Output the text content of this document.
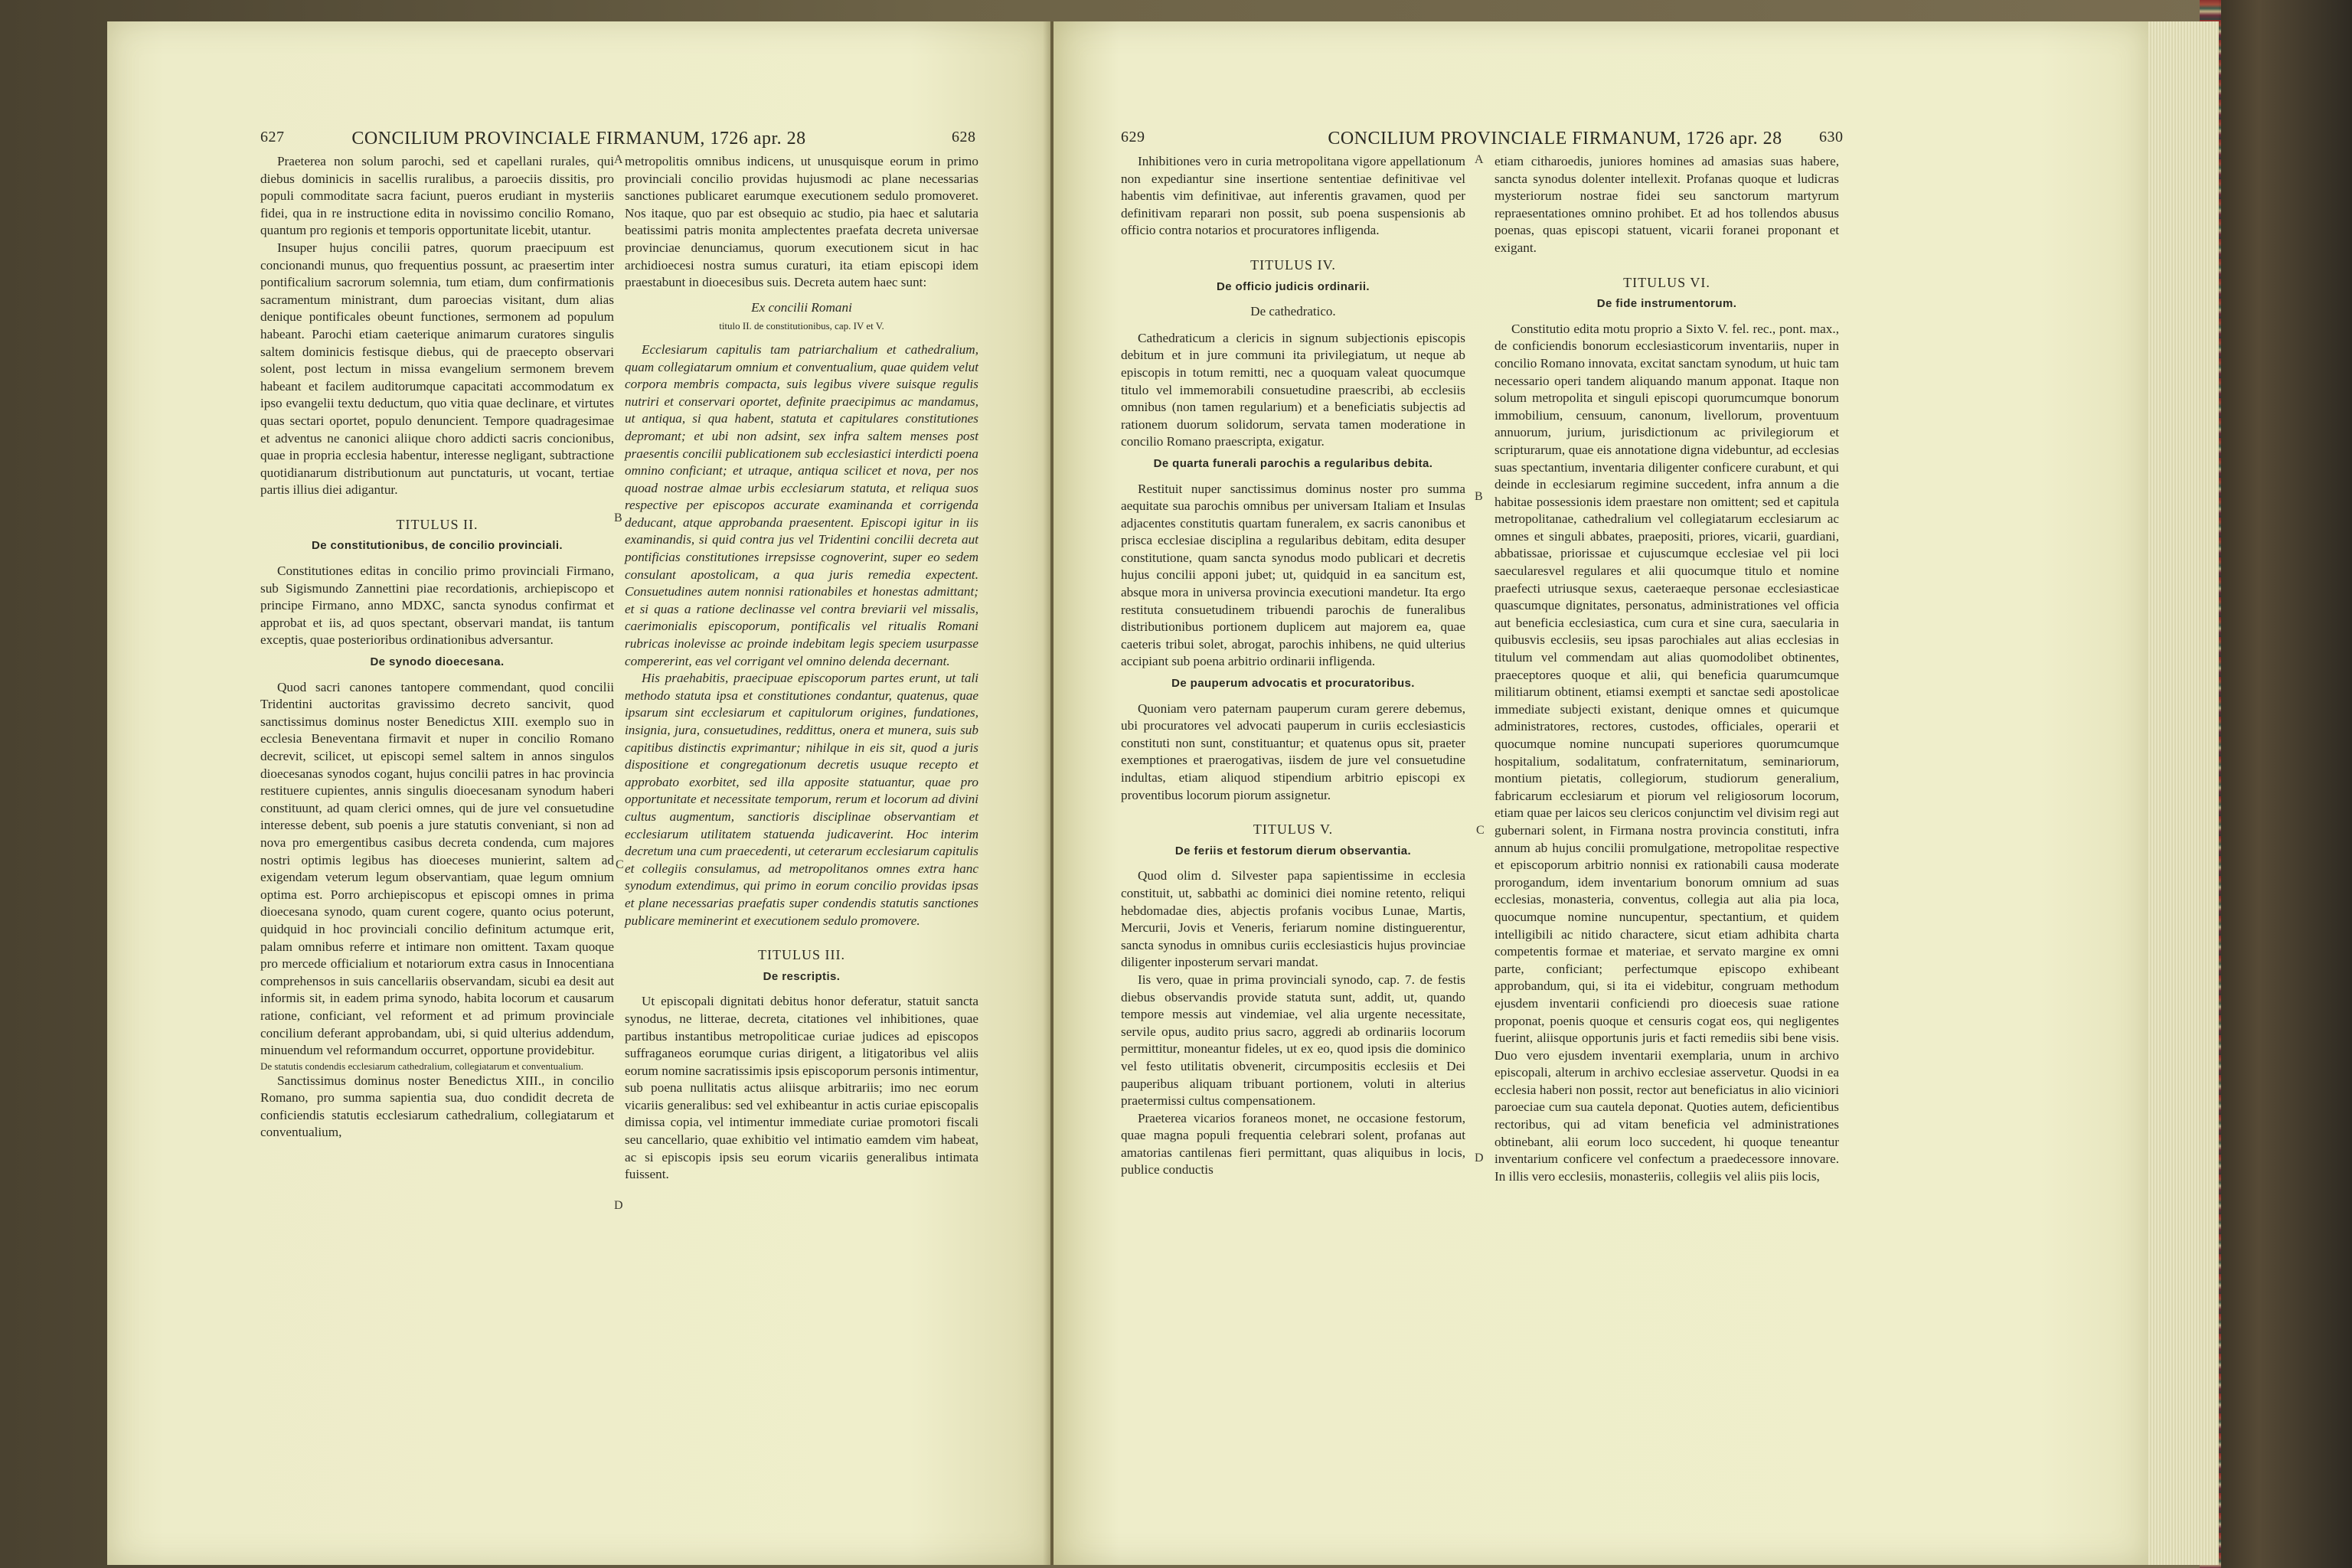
627	CONCILIUM PROVINCIALE FIRMANUM, 1726 apr. 28	628

Praeterea non solum parochi, sed et capellani rurales, qui diebus dominicis in sacellis ruralibus, a paroeciis dissitis, pro populi commoditate sacra faciunt, pueros erudiant in mysteriis fidei, qua in re instructione edita in novissimo concilio Romano, quantum pro regionis et temporis opportunitate licebit, utantur.

Insuper hujus concilii patres, quorum praecipuum est concionandi munus, quo frequentius possunt, ac praesertim inter pontificalium sacrorum solemnia, tum etiam, dum confirmationis sacramentum ministrant, dum paroecias visitant, dum alias denique pontificales obeunt functiones, sermonem ad populum habeant. Parochi etiam caeterique animarum curatores singulis saltem dominicis festisque diebus, qui de praecepto observari solent, post lectum in missa evangelium sermonem brevem habeant et facilem auditorumque capacitati accommodatum ex ipso evangelii textu deductum, quo vitia quae declinare, et virtutes quas sectari oportet, populo denuncient. Tempore quadragesimae et adventus ne canonici aliique choro addicti sacris concionibus, quae in propria ecclesia habentur, interesse negligant, subtractione quotidianarum distributionum aut punctaturis, ut vocant, tertiae partis illius diei adigantur.

TITULUS II.

De constitutionibus, de concilio provinciali.

Constitutiones editas in concilio primo provinciali Firmano, sub Sigismundo Zannettini piae recordationis, archiepiscopo et principe Firmano, anno MDXC, sancta synodus confirmat et approbat et iis, ad quos spectant, observari mandat, iis tantum exceptis, quae posterioribus ordinationibus adversantur.

De synodo dioecesana.

Quod sacri canones tantopere commendant, quod concilii Tridentini auctoritas gravissimo decreto sancivit, quod sanctissimus dominus noster Benedictus XIII. exemplo suo in ecclesia Beneventana firmavit et nuper in concilio Romano decrevit, scilicet, ut episcopi semel saltem in annos singulos dioecesanas synodos cogant, hujus concilii patres in hac provincia restituere cupientes, annis singulis dioecesanam synodum haberi constituunt, ad quam clerici omnes, qui de jure vel consuetudine interesse debent, sub poenis a jure statutis conveniant, si non ad nova pro emergentibus casibus decreta condenda, cum majores nostri optimis legibus has dioeceses munierint, saltem ad exigendam veterum legum observantiam, quae legum omnium optima est. Porro archiepiscopus et episcopi omnes in prima dioecesana synodo, quam curent cogere, quanto ocius poterunt, quidquid in hoc provinciali concilio definitum actumque erit, palam omnibus referre et intimare non omittent. Taxam quoque pro mercede officialium et notariorum extra casus in Innocentiana comprehensos in suis cancellariis observandam, sicubi ea desit aut informis sit, in eadem prima synodo, habita locorum et causarum ratione, conficiant, vel reforment et ad primum provinciale concilium deferant approbandam, ubi, si quid ulterius addendum, minuendum vel reformandum occurret, opportune providebitur.

De statutis condendis ecclesiarum cathedralium, collegiatarum et conventualium.

Sanctissimus dominus noster Benedictus XIII., in concilio Romano, pro summa sapientia sua, duo condidit decreta de conficiendis statutis ecclesiarum cathedralium, collegiatarum et conventualium,

metropolitis omnibus indicens, ut unusquisque eorum in primo provinciali concilio providas hujusmodi ac plane necessarias sanctiones publicaret earumque executionem sedulo promoveret. Nos itaque, quo par est obsequio ac studio, pia haec et salutaria beatissimi patris monita amplectentes praefata decreta universae provinciae denunciamus, quorum executionem sicut in hac archidioecesi nostra sumus curaturi, ita etiam episcopi idem praestabunt in dioecesibus suis. Decreta autem haec sunt:

Ex concilii Romani

titulo II. de constitutionibus, cap. IV et V.

Ecclesiarum capitulis tam patriarchalium et cathedralium, quam collegiatarum omnium et conventualium, quae quidem velut corpora membris compacta, suis legibus vivere suisque regulis nutriri et conservari oportet, definite praecipimus ac mandamus, ut antiqua, si qua habent, statuta et capitulares constitutiones depromant; et ubi non adsint, sex infra saltem menses post praesentis concilii publicationem sub ecclesiastici interdicti poena omnino conficiant; et utraque, antiqua scilicet et nova, per nos quoad nostrae almae urbis ecclesiarum statuta, et reliqua suos respective per episcopos accurate examinanda et corrigenda deducant, atque approbanda praesentent. Episcopi igitur in iis examinandis, si quid contra jus vel Tridentini concilii decreta aut pontificias constitutiones irrepsisse cognoverint, super eo sedem consulant apostolicam, a qua juris remedia expectent. Consuetudines autem nonnisi rationabiles et honestas admittant; et si quas a ratione declinasse vel contra breviarii vel missalis, caerimonialis episcoporum, pontificalis vel ritualis Romani rubricas inolevisse ac proinde indebitam legis speciem usurpasse compererint, eas vel corrigant vel omnino delenda decernant.

His praehabitis, praecipuae episcoporum partes erunt, ut tali methodo statuta ipsa et constitutiones condantur, quatenus, quae ipsarum sint ecclesiarum et capitulorum origines, fundationes, insignia, jura, consuetudines, reddittus, onera et munera, suis sub capitibus distinctis exprimantur; nihilque in eis sit, quod a juris dispositione et congregationum decretis usuque recepto et approbato exorbitet, sed illa apposite statuantur, quae pro opportunitate et necessitate temporum, rerum et locorum ad divini cultus augmentum, sanctioris disciplinae observantiam et ecclesiarum utilitatem statuenda judicaverint. Hoc interim decretum una cum praecedenti, ut ceterarum ecclesiarum capitulis et collegiis consulamus, ad metropolitanos omnes extra hanc synodum extendimus, qui primo in eorum concilio providas ipsas et plane necessarias praefatis super condendis statutis sanctiones publicare meminerint et executionem sedulo promovere.

TITULUS III.

De rescriptis.

Ut episcopali dignitati debitus honor deferatur, statuit sancta synodus, ne litterae, decreta, citationes vel inhibitiones, quae partibus instantibus metropoliticae curiae judices ad episcopos suffraganeos eorumque curias dirigent, a litigatoribus vel aliis eorum nomine sacratissimis ipsis episcoporum personis intimentur, sub poena nullitatis actus aliisque arbitrariis; imo nec eorum vicariis generalibus: sed vel exhibeantur in actis curiae episcopalis dimissa copia, vel intimentur immediate curiae promotori fiscali seu cancellario, quae exhibitio vel intimatio eamdem vim habeat, ac si episcopis ipsis seu eorum vicariis generalibus intimata fuissent.

A
B
C
D
629	CONCILIUM PROVINCIALE FIRMANUM, 1726 apr. 28	630

Inhibitiones vero in curia metropolitana vigore appellationum non expediantur sine insertione sententiae definitivae vel habentis vim definitivae, aut inferentis gravamen, quod per definitivam reparari non possit, sub poena suspensionis ab officio contra notarios et procuratores infligenda.

TITULUS IV.

De officio judicis ordinarii.

De cathedratico.

Cathedraticum a clericis in signum subjectionis episcopis debitum et in jure communi ita privilegiatum, ut neque ab episcopis in totum remitti, nec a quoquam valeat quocumque titulo vel immemorabili consuetudine praescribi, ab ecclesiis omnibus (non tamen regularium) et a beneficiatis subjectis ad rationem duorum solidorum, servata tamen moderatione in concilio Romano praescripta, exigatur.

De quarta funerali parochis a regularibus debita.

Restituit nuper sanctissimus dominus noster pro summa aequitate sua parochis omnibus per universam Italiam et Insulas adjacentes constitutis quartam funeralem, ex sacris canonibus et prisca ecclesiae disciplina a regularibus debitam, edita desuper constitutione, quam sancta synodus modo publicari et decretis hujus concilii apponi jubet; ut, quidquid in ea sancitum est, absque mora in universa provincia executioni mandetur. Ita ergo restituta consuetudinem tribuendi parochis de funeralibus distributionibus portionem duplicem aut majorem ea, quae caeteris tribui solet, abrogat, parochis inhibens, ne quid ulterius accipiant sub poena arbitrio ordinarii infligenda.

De pauperum advocatis et procuratoribus.

Quoniam vero paternam pauperum curam gerere debemus, ubi procuratores vel advocati pauperum in curiis ecclesiasticis constituti non sunt, constituantur; et quatenus opus sit, praeter exemptiones et praerogativas, iisdem de jure vel consuetudine indultas, etiam aliquod stipendium arbitrio episcopi ex proventibus locorum piorum assignetur.

TITULUS V.

De feriis et festorum dierum observantia.

Quod olim d. Silvester papa sapientissime in ecclesia constituit, ut, sabbathi ac dominici diei nomine retento, reliqui hebdomadae dies, abjectis profanis vocibus Lunae, Martis, Mercurii, Jovis et Veneris, feriarum nomine distinguerentur, sancta synodus in omnibus curiis ecclesiasticis hujus provinciae diligenter inposterum servari mandat.

Iis vero, quae in prima provinciali synodo, cap. 7. de festis diebus observandis provide statuta sunt, addit, ut, quando tempore messis aut vindemiae, vel alia urgente necessitate, servile opus, audito prius sacro, aggredi ab ordinariis locorum permittitur, moneantur fideles, ut ex eo, quod ipsis die dominico vel festo utilitatis obvenerit, circumpositis ecclesiis et Dei pauperibus aliquam tribuant portionem, voluti in alterius praetermissi cultus compensationem.

Praeterea vicarios foraneos monet, ne occasione festorum, quae magna populi frequentia celebrari solent, profanas aut amatorias cantilenas fieri permittant, quas aliquibus in locis, publice conductis

etiam citharoedis, juniores homines ad amasias suas habere, sancta synodus dolenter intellexit. Profanas quoque et ludicras mysteriorum nostrae fidei seu sanctorum martyrum repraesentationes omnino prohibet. Et ad hos tollendos abusus poenas, quas episcopi statuent, vicarii foranei proponant et exigant.

TITULUS VI.

De fide instrumentorum.

Constitutio edita motu proprio a Sixto V. fel. rec., pont. max., de conficiendis bonorum ecclesiasticorum inventariis, nuper in concilio Romano innovata, excitat sanctam synodum, ut huic tam necessario operi tandem aliquando manum apponat. Itaque non solum metropolita et singuli episcopi quorumcumque bonorum immobilium, censuum, canonum, livellorum, proventuum annuorum, jurium, jurisdictionum ac privilegiorum et scripturarum, quae eis annotatione digna videbuntur, ad ecclesias suas spectantium, inventaria diligenter conficere curabunt, et qui deinde in ecclesiarum regimine succedent, infra annum a die habitae possessionis idem praestare non omittent; sed et capitula metropolitanae, cathedralium vel collegiatarum ecclesiarum ac omnes et singuli abbates, praepositi, priores, vicarii, guardiani, abbatissae, priorissae et cujuscumque ecclesiae vel pii loci saecularesvel regulares et alii quocumque titulo et nomine praefecti utriusque sexus, caeteraeque personae ecclesiasticae quascumque dignitates, personatus, administrationes vel officia aut beneficia ecclesiastica, cum cura et sine cura, saecularia in quibusvis ecclesiis, seu ipsas parochiales aut alias ecclesias in titulum vel commendam aut alias quomodolibet obtinentes, praeceptores quoque et alii, qui beneficia quarumcumque militiarum obtinent, etiamsi exempti et sanctae sedi apostolicae immediate subjecti existant, denique omnes et quicumque administratores, rectores, custodes, officiales, operarii et quocumque nomine nuncupati superiores quorumcumque hospitalium, sodalitatum, confraternitatum, seminariorum, montium pietatis, collegiorum, studiorum generalium, fabricarum ecclesiarum et piorum vel religiosorum locorum, etiam quae per laicos seu clericos conjunctim vel divisim regi aut gubernari solent, in Firmana nostra provincia constituti, infra annum ab hujus concilii promulgatione, metropolitae respective et episcoporum arbitrio nonnisi ex rationabili causa moderate prorogandum, idem inventarium bonorum omnium ad suas ecclesias, monasteria, conventus, collegia aut alia pia loca, quocumque nomine nuncupentur, spectantium, et quidem intelligibili ac nitido charactere, sicut etiam adhibita charta competentis formae et materiae, et servato margine ex omni parte, conficiant; perfectumque episcopo exhibeant approbandum, qui, si ita ei videbitur, congruam methodum ejusdem inventarii conficiendi pro dioecesis suae ratione proponat, poenis quoque et censuris cogat eos, qui negligentes fuerint, aliisque opportunis juris et facti remediis sibi bene visis. Duo vero ejusdem inventarii exemplaria, unum in archivo episcopali, alterum in archivo ecclesiae asservetur. Quodsi in ea ecclesia haberi non possit, rector aut beneficiatus in alio viciniori paroeciae cum sua cautela deponat. Quoties autem, deficientibus rectoribus, qui ad vitam beneficia vel administrationes obtinebant, alii eorum loco succedent, hi quoque teneantur inventarium conficere vel confectum a praedecessore innovare. In illis vero ecclesiis, monasteriis, collegiis vel aliis piis locis,

A
B
C
D
